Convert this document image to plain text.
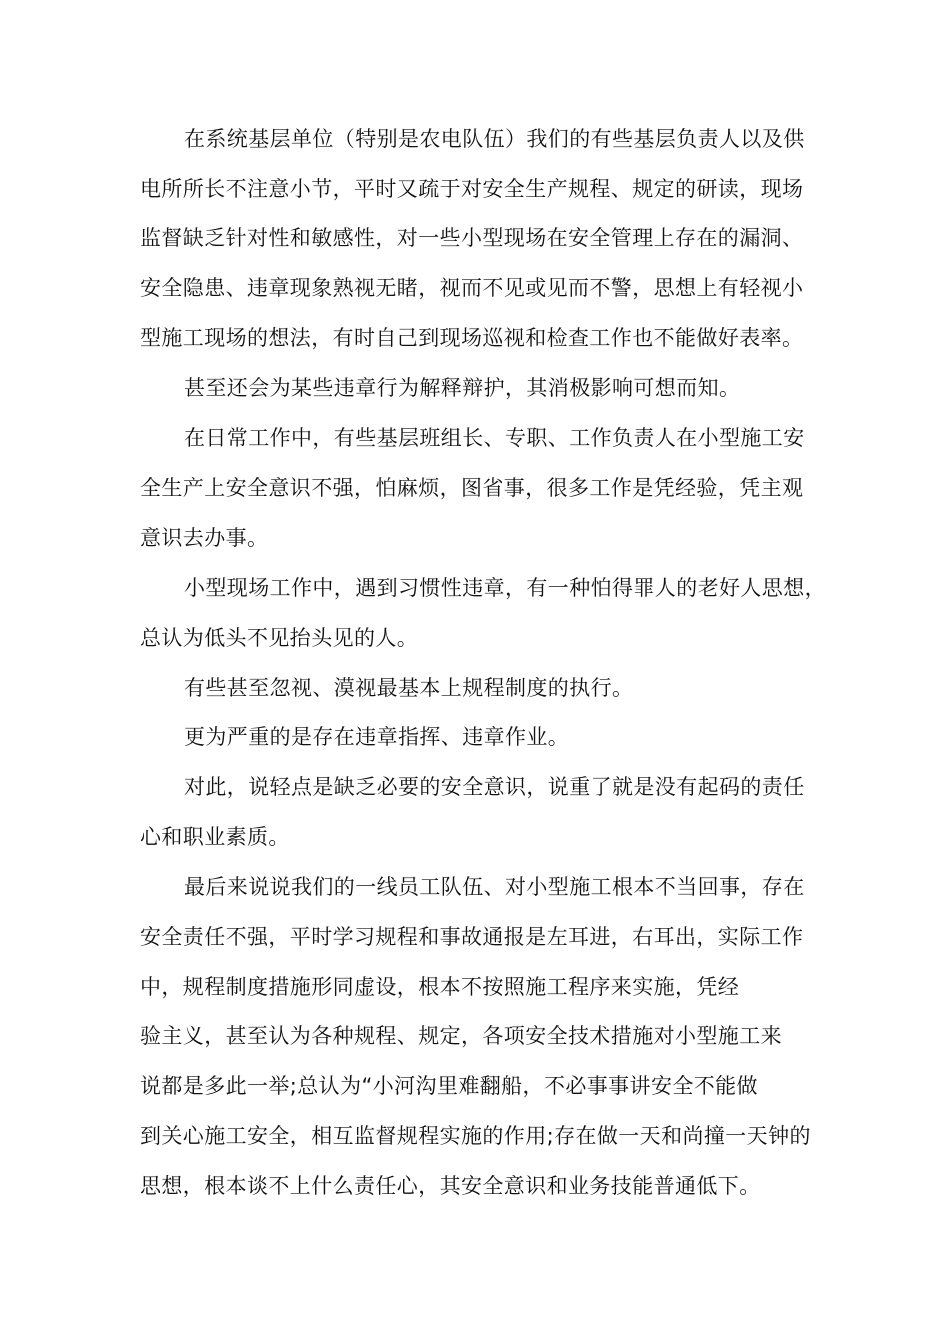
在系统基层单位（特别是农电队伍）我们的有些基层负责人以及供
电所所长不注意小节，平时又疏于对安全生产规程、规定的研读，现场
监督缺乏针对性和敏感性，对一些小型现场在安全管理上存在的漏洞、
安全隐患、违章现象熟视无睹，视而不见或见而不警，思想上有轻视小
型施工现场的想法，有时自己到现场巡视和检查工作也不能做好表率。
甚至还会为某些违章行为解释辩护，其消极影响可想而知。
在日常工作中，有些基层班组长、专职、工作负责人在小型施工安
全生产上安全意识不强，怕麻烦，图省事，很多工作是凭经验，凭主观
意识去办事。
小型现场工作中，遇到习惯性违章，有一种怕得罪人的老好人思想，
总认为低头不见抬头见的人。
有些甚至忽视、漠视最基本上规程制度的执行。
更为严重的是存在违章指挥、违章作业。
对此，说轻点是缺乏必要的安全意识，说重了就是没有起码的责任
心和职业素质。
最后来说说我们的一线员工队伍、对小型施工根本不当回事，存在
安全责任不强，平时学习规程和事故通报是左耳进，右耳出，实际工作
中，规程制度措施形同虚设，根本不按照施工程序来实施，凭经
验主义，甚至认为各种规程、规定，各项安全技术措施对小型施工来
说都是多此一举;总认为“小河沟里难翻船，不必事事讲安全不能做
到关心施工安全，相互监督规程实施的作用;存在做一天和尚撞一天钟的
思想，根本谈不上什么责任心，其安全意识和业务技能普通低下。
